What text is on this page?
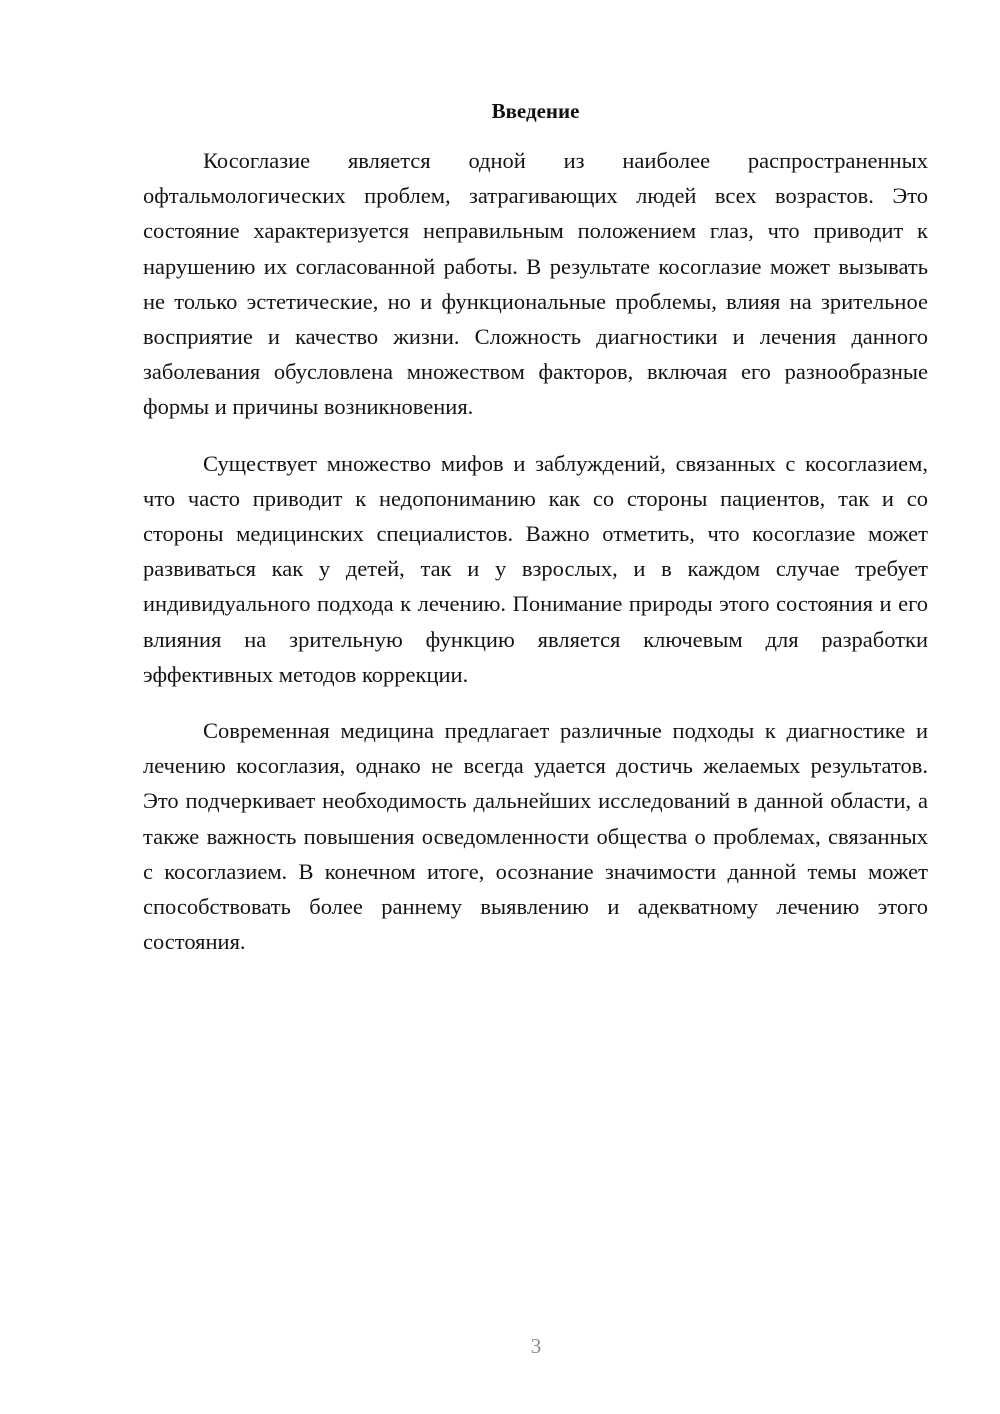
Введение

Косоглазие является одной из наиболее распространенных офтальмологических проблем, затрагивающих людей всех возрастов. Это состояние характеризуется неправильным положением глаз, что приводит к нарушению их согласованной работы. В результате косоглазие может вызывать не только эстетические, но и функциональные проблемы, влияя на зрительное восприятие и качество жизни. Сложность диагностики и лечения данного заболевания обусловлена множеством факторов, включая его разнообразные формы и причины возникновения.

Существует множество мифов и заблуждений, связанных с косоглазием, что часто приводит к недопониманию как со стороны пациентов, так и со стороны медицинских специалистов. Важно отметить, что косоглазие может развиваться как у детей, так и у взрослых, и в каждом случае требует индивидуального подхода к лечению. Понимание природы этого состояния и его влияния на зрительную функцию является ключевым для разработки эффективных методов коррекции.

Современная медицина предлагает различные подходы к диагностике и лечению косоглазия, однако не всегда удается достичь желаемых результатов. Это подчеркивает необходимость дальнейших исследований в данной области, а также важность повышения осведомленности общества о проблемах, связанных с косоглазием. В конечном итоге, осознание значимости данной темы может способствовать более раннему выявлению и адекватному лечению этого состояния.

3
